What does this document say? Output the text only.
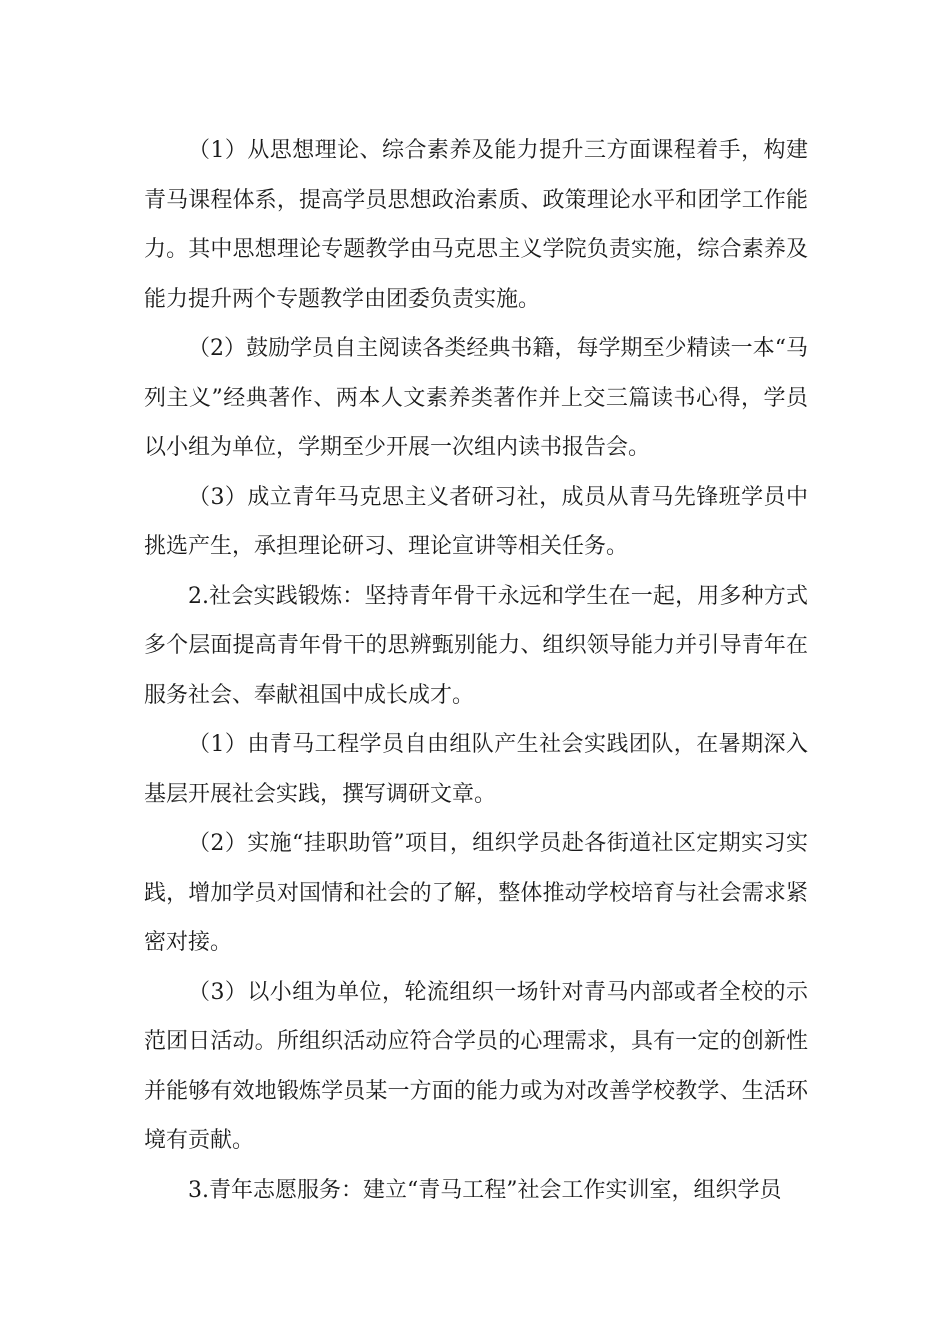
（1）从思想理论、综合素养及能力提升三方面课程着手，构建青马课程体系，提高学员思想政治素质、政策理论水平和团学工作能力。其中思想理论专题教学由马克思主义学院负责实施，综合素养及能力提升两个专题教学由团委负责实施。

（2）鼓励学员自主阅读各类经典书籍，每学期至少精读一本“马列主义”经典著作、两本人文素养类著作并上交三篇读书心得，学员以小组为单位，学期至少开展一次组内读书报告会。

（3）成立青年马克思主义者研习社，成员从青马先锋班学员中挑选产生，承担理论研习、理论宣讲等相关任务。

2.社会实践锻炼：坚持青年骨干永远和学生在一起，用多种方式多个层面提高青年骨干的思辨甄别能力、组织领导能力并引导青年在服务社会、奉献祖国中成长成才。

（1）由青马工程学员自由组队产生社会实践团队，在暑期深入基层开展社会实践，撰写调研文章。

（2）实施“挂职助管”项目，组织学员赴各街道社区定期实习实践，增加学员对国情和社会的了解，整体推动学校培育与社会需求紧密对接。

（3）以小组为单位，轮流组织一场针对青马内部或者全校的示范团日活动。所组织活动应符合学员的心理需求，具有一定的创新性并能够有效地锻炼学员某一方面的能力或为对改善学校教学、生活环境有贡献。

3.青年志愿服务：建立“青马工程”社会工作实训室，组织学员
